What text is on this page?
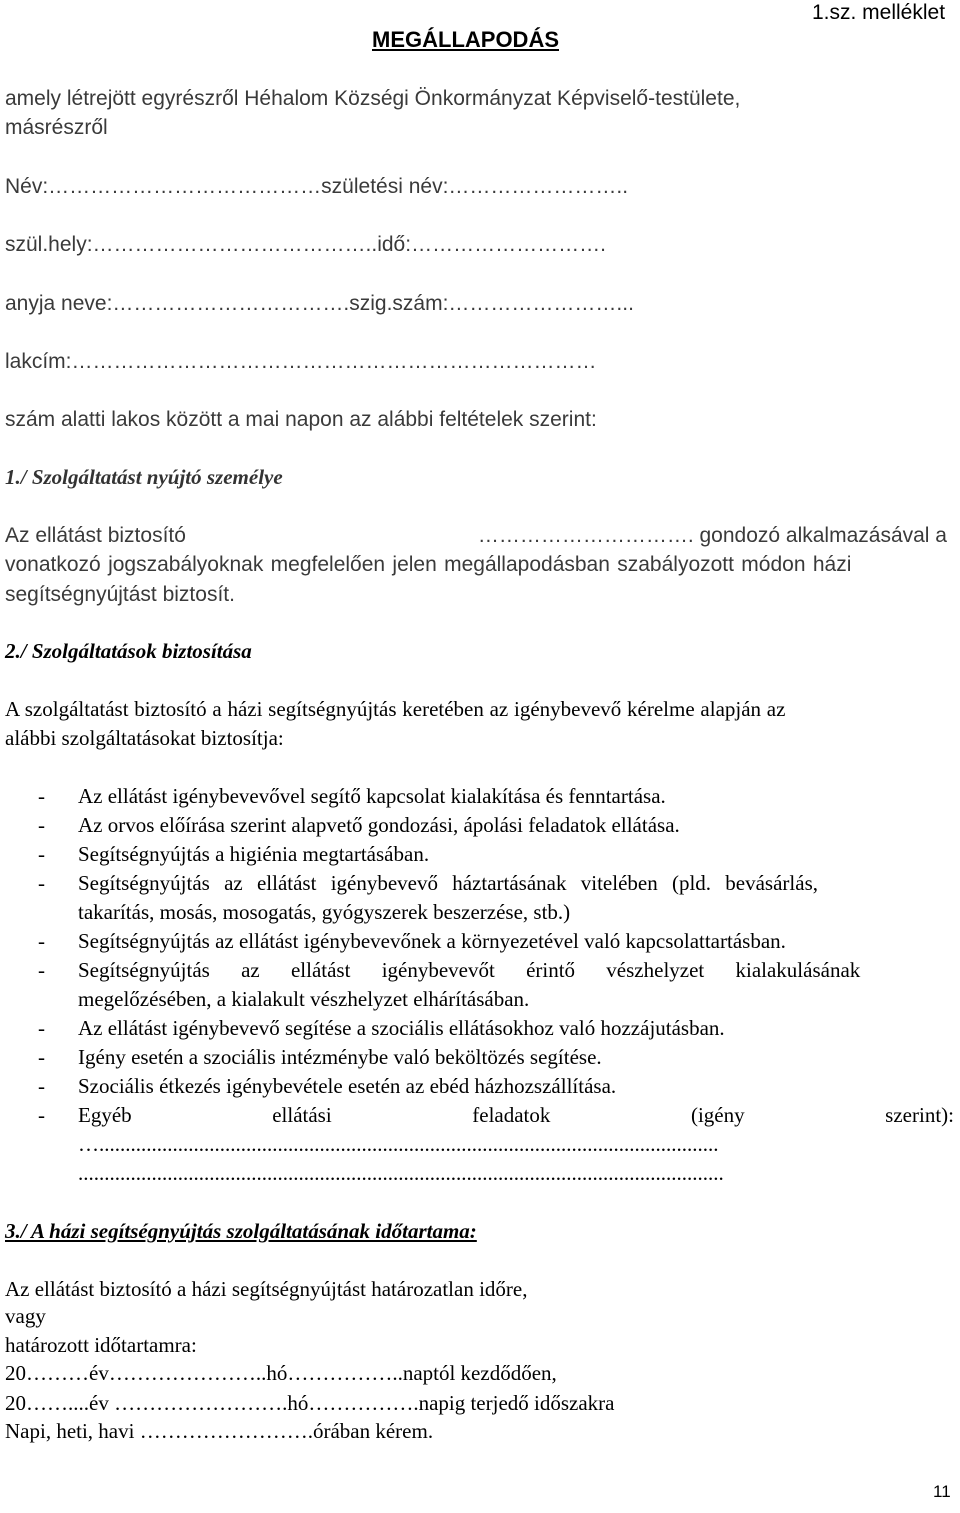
MEGÁLLAPODÁS
1.sz. melléklet
amely létrejött egyrészről Héhalom Községi Önkormányzat Képviselő-testülete,
másrészről
Név:…………………………………születési név:……………………..
szül.hely:…………………………………..idő:……………………….
anyja neve:…………………………….szig.szám:……………………...
lakcím:…………………………………………………………………
szám alatti lakos között a mai napon az alábbi feltételek szerint:
1./ Szolgáltatást nyújtó személye
Az ellátást biztosító	…………………………. gondozó alkalmazásával a
vonatkozó jogszabályoknak megfelelően jelen megállapodásban szabályozott módon házi
segítségnyújtást biztosít.
2./ Szolgáltatások biztosítása
A szolgáltatást biztosító a házi segítségnyújtás keretében az igénybevevő kérelme alapján az
alábbi szolgáltatásokat biztosítja:
- Az ellátást igénybevevővel segítő kapcsolat kialakítása és fenntartása.
- Az orvos előírása szerint alapvető gondozási, ápolási feladatok ellátása.
- Segítségnyújtás a higiénia megtartásában.
- Segítségnyújtás az ellátást igénybevevő háztartásának vitelében (pld. bevásárlás,
takarítás, mosás, mosogatás, gyógyszerek beszerzése, stb.)
- Segítségnyújtás az ellátást igénybevevőnek a környezetével való kapcsolattartásban.
- Segítségnyújtás az ellátást igénybevevőt érintő vészhelyzet kialakulásának
megelőzésében, a kialakult vészhelyzet elhárításában.
- Az ellátást igénybevevő segítése a szociális ellátásokhoz való hozzájutásban.
- Igény esetén a szociális intézménybe való beköltözés segítése.
- Szociális étkezés igénybevétele esetén az ebéd házhozszállítása.
- Egyéb	ellátási	feladatok	(igény	szerint):
…......................................................................................................................
...........................................................................................................................
3./ A házi segítségnyújtás szolgáltatásának időtartama:
Az ellátást biztosító a házi segítségnyújtást határozatlan időre,
vagy
határozott időtartamra:
20………év…………………..hó……………..naptól kezdődően,
20……....év …………………….hó…………….napig terjedő időszakra
Napi, heti, havi …………………….órában kérem.
11
